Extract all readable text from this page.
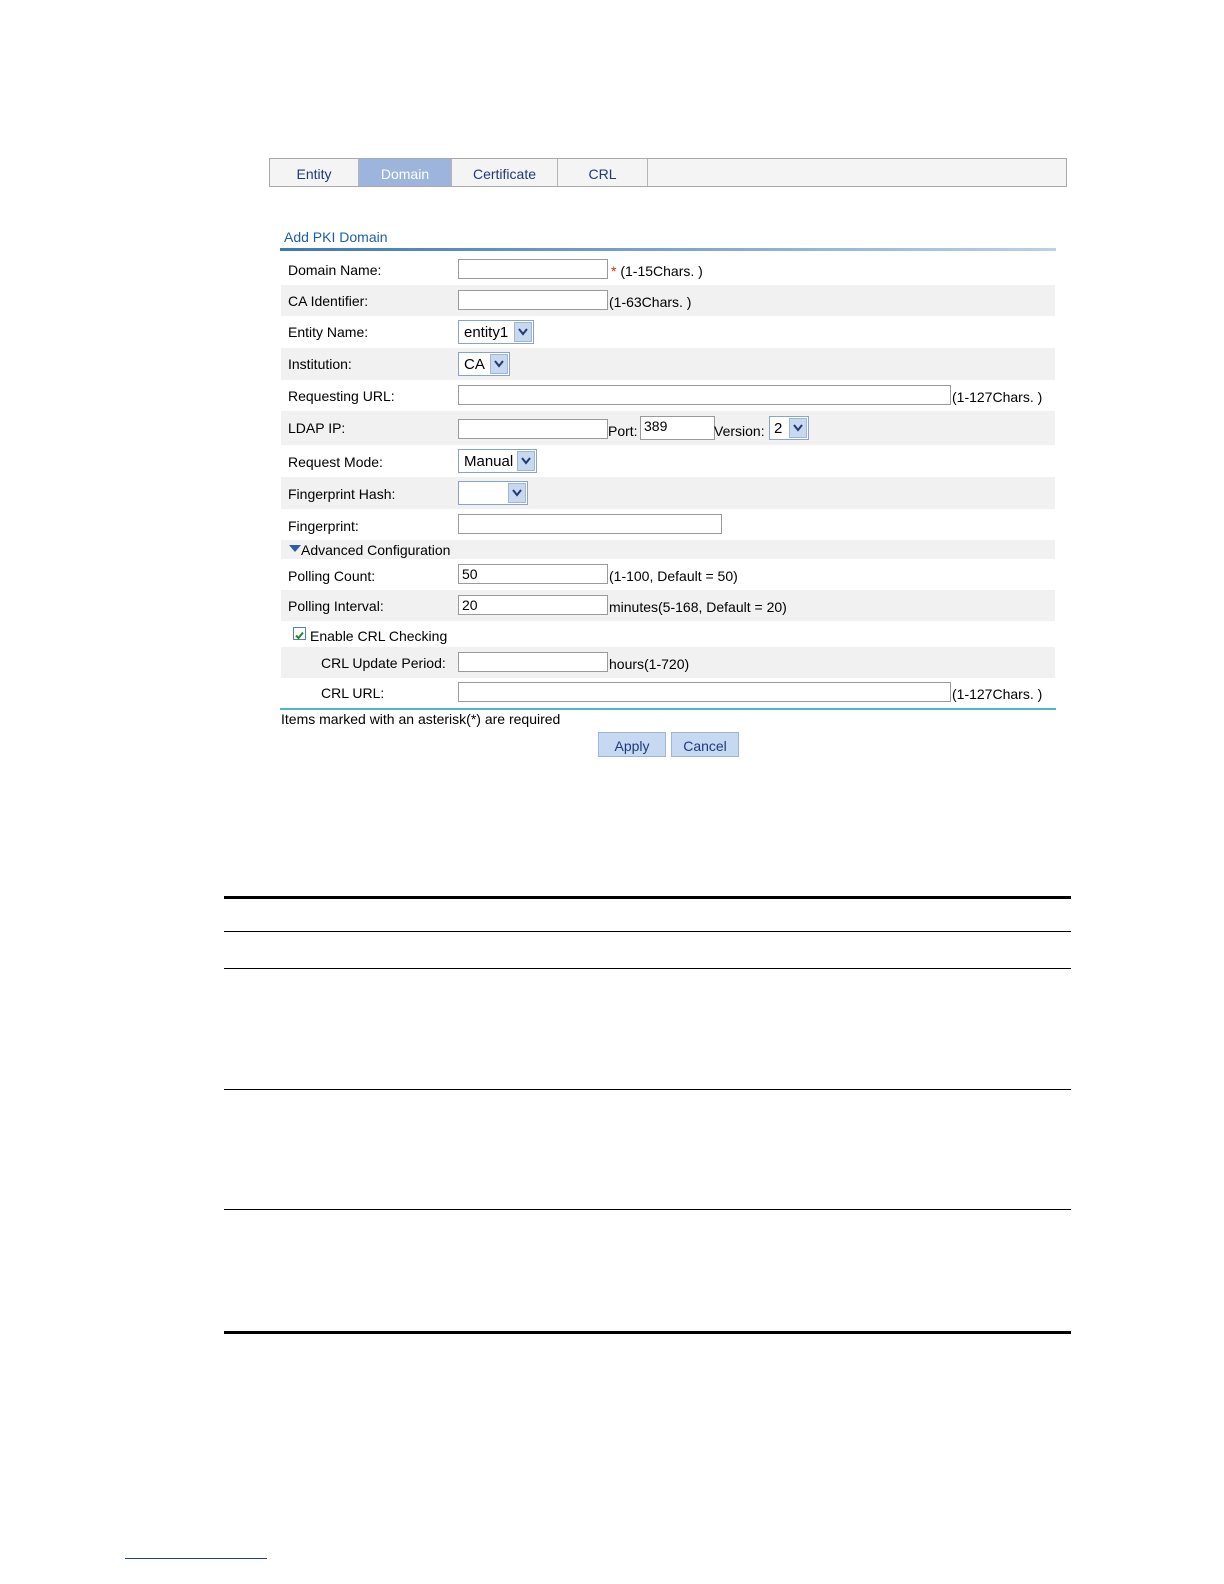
Entity	Domain	Certificate	CRL
Add PKI Domain
Domain Name:	* (1-15Chars. )
CA Identifier:	(1-63Chars. )
Entity Name:	entity1
Institution:	CA
Requesting URL:	(1-127Chars. )
LDAP IP:	Port: 389	Version: 2
Request Mode:	Manual
Fingerprint Hash:
Fingerprint:
Advanced Configuration
Polling Count:	50	(1-100, Default = 50)
Polling Interval:	20	minutes(5-168, Default = 20)
Enable CRL Checking
CRL Update Period:	hours(1-720)
CRL URL:	(1-127Chars. )
Items marked with an asterisk(*) are required
Apply	Cancel
